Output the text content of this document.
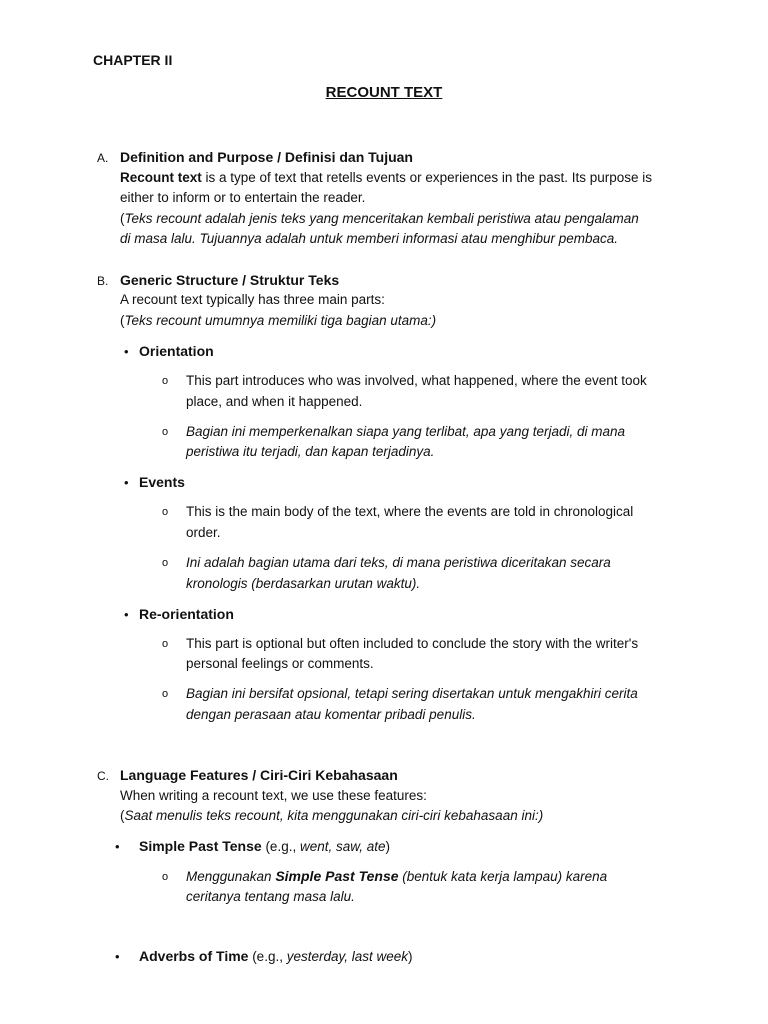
CHAPTER II
RECOUNT TEXT
A. Definition and Purpose / Definisi dan Tujuan
Recount text is a type of text that retells events or experiences in the past. Its purpose is
either to inform or to entertain the reader.
(Teks recount adalah jenis teks yang menceritakan kembali peristiwa atau pengalaman
di masa lalu. Tujuannya adalah untuk memberi informasi atau menghibur pembaca.
B. Generic Structure / Struktur Teks
A recount text typically has three main parts:
(Teks recount umumnya memiliki tiga bagian utama:)
• Orientation
o This part introduces who was involved, what happened, where the event took
place, and when it happened.
o Bagian ini memperkenalkan siapa yang terlibat, apa yang terjadi, di mana
peristiwa itu terjadi, dan kapan terjadinya.
• Events
o This is the main body of the text, where the events are told in chronological
order.
o Ini adalah bagian utama dari teks, di mana peristiwa diceritakan secara
kronologis (berdasarkan urutan waktu).
• Re-orientation
o This part is optional but often included to conclude the story with the writer's
personal feelings or comments.
o Bagian ini bersifat opsional, tetapi sering disertakan untuk mengakhiri cerita
dengan perasaan atau komentar pribadi penulis.
C. Language Features / Ciri-Ciri Kebahasaan
When writing a recount text, we use these features:
(Saat menulis teks recount, kita menggunakan ciri-ciri kebahasaan ini:)
• Simple Past Tense (e.g., went, saw, ate)
o Menggunakan Simple Past Tense (bentuk kata kerja lampau) karena
ceritanya tentang masa lalu.
• Adverbs of Time (e.g., yesterday, last week)
